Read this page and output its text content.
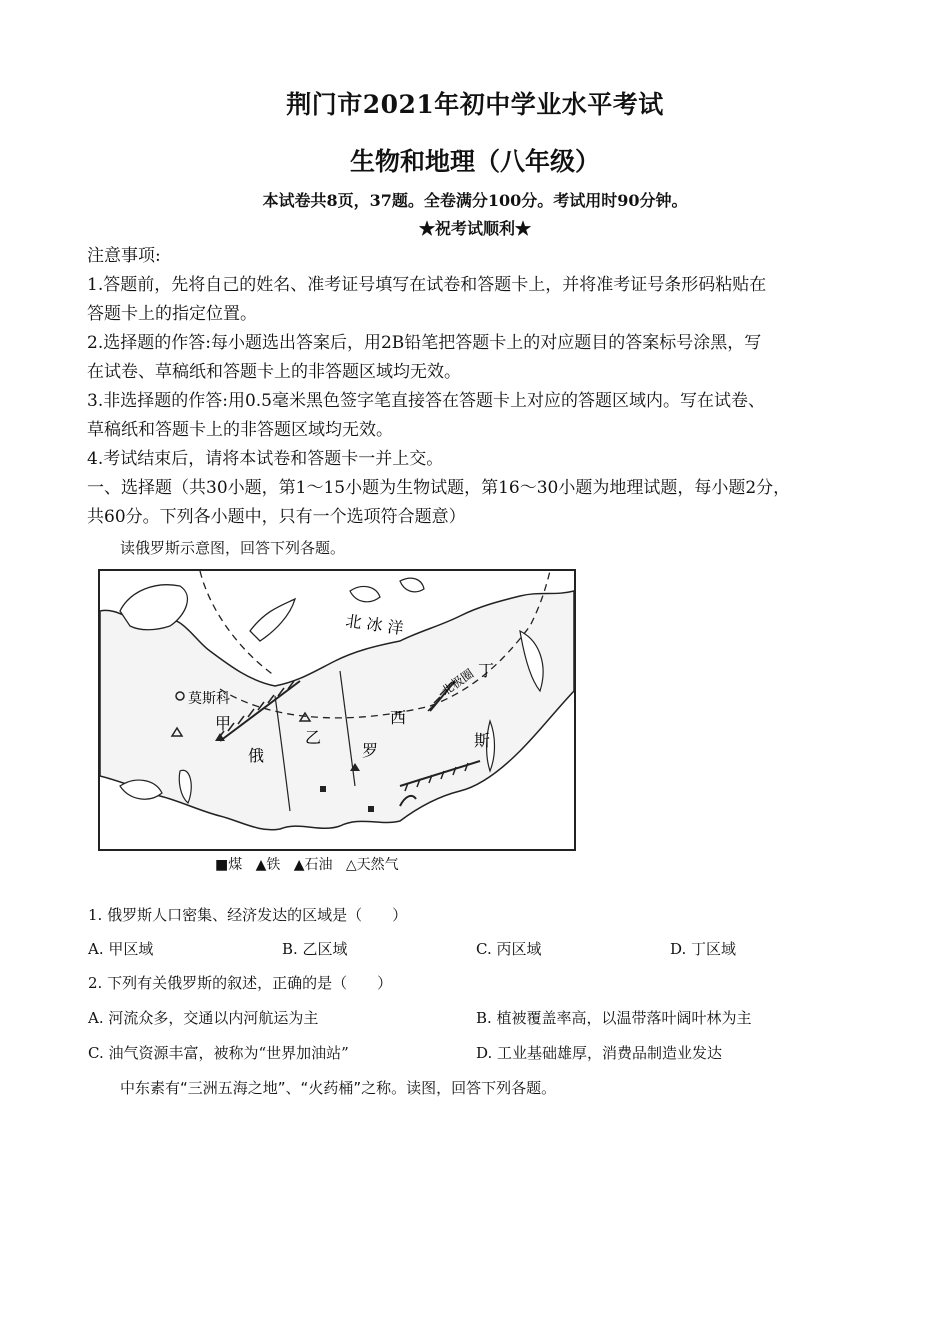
荆门市2021年初中学业水平考试
生物和地理（八年级）
本试卷共8页，37题。全卷满分100分。考试用时90分钟。
★祝考试顺利★
注意事项:
1.答题前，先将自己的姓名、准考证号填写在试卷和答题卡上，并将准考证号条形码粘贴在
答题卡上的指定位置。
2.选择题的作答:每小题选出答案后，用2B铅笔把答题卡上的对应题目的答案标号涂黑，写
在试卷、草稿纸和答题卡上的非答题区域均无效。
3.非选择题的作答:用0.5毫米黑色签字笔直接答在答题卡上对应的答题区域内。写在试卷、
草稿纸和答题卡上的非答题区域均无效。
4.考试结束后，请将本试卷和答题卡一并上交。
一、选择题（共30小题，第1～15小题为生物试题，第16～30小题为地理试题，每小题2分，
共60分。下列各小题中，只有一个选项符合题意）
读俄罗斯示意图，回答下列各题。
北 冰 洋
北极圈
莫斯科
甲
俄
乙
西
罗
丁
斯
■煤 ▲铁 ▲石油 △天然气
1. 俄罗斯人口密集、经济发达的区域是（　　）
A. 甲区域	B. 乙区域	C. 丙区域	D. 丁区域
2. 下列有关俄罗斯的叙述，正确的是（　　）
A. 河流众多，交通以内河航运为主	B. 植被覆盖率高，以温带落叶阔叶林为主
C. 油气资源丰富，被称为“世界加油站”	D. 工业基础雄厚，消费品制造业发达
中东素有“三洲五海之地”、“火药桶”之称。读图，回答下列各题。
